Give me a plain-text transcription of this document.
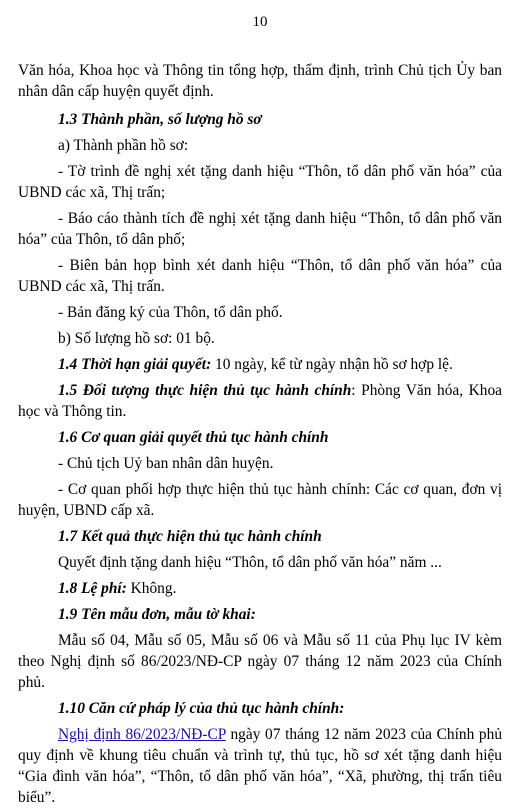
10

Văn hóa, Khoa học và Thông tin tổng hợp, thẩm định, trình Chủ tịch Ủy ban nhân dân cấp huyện quyết định.

1.3 Thành phần, số lượng hồ sơ

a) Thành phần hồ sơ:

- Tờ trình đề nghị xét tặng danh hiệu “Thôn, tổ dân phố văn hóa” của UBND các xã, Thị trấn;

- Báo cáo thành tích đề nghị xét tặng danh hiệu “Thôn, tổ dân phố văn hóa” của Thôn, tổ dân phố;

- Biên bản họp bình xét danh hiệu “Thôn, tổ dân phố văn hóa” của UBND các xã, Thị trấn.

- Bản đăng ký của Thôn, tổ dân phố.

b) Số lượng hồ sơ: 01 bộ.

1.4 Thời hạn giải quyết: 10 ngày, kể từ ngày nhận hồ sơ hợp lệ.

1.5 Đối tượng thực hiện thủ tục hành chính: Phòng Văn hóa, Khoa học và Thông tin.

1.6 Cơ quan giải quyết thủ tục hành chính

- Chủ tịch Uỷ ban nhân dân huyện.

- Cơ quan phối hợp thực hiện thủ tục hành chính: Các cơ quan, đơn vị huyện, UBND cấp xã.

1.7 Kết quả thực hiện thủ tục hành chính

Quyết định tặng danh hiệu “Thôn, tổ dân phố văn hóa” năm ...

1.8 Lệ phí: Không.

1.9 Tên mẫu đơn, mẫu tờ khai:

Mẫu số 04, Mẫu số 05, Mẫu số 06 và Mẫu số 11 của Phụ lục IV kèm theo Nghị định số 86/2023/NĐ-CP ngày 07 tháng 12 năm 2023 của Chính phủ.

1.10 Căn cứ pháp lý của thủ tục hành chính:

Nghị định 86/2023/NĐ-CP ngày 07 tháng 12 năm 2023 của Chính phủ quy định về khung tiêu chuẩn và trình tự, thủ tục, hồ sơ xét tặng danh hiệu “Gia đình văn hóa”, “Thôn, tổ dân phố văn hóa”, “Xã, phường, thị trấn tiêu biểu”.
